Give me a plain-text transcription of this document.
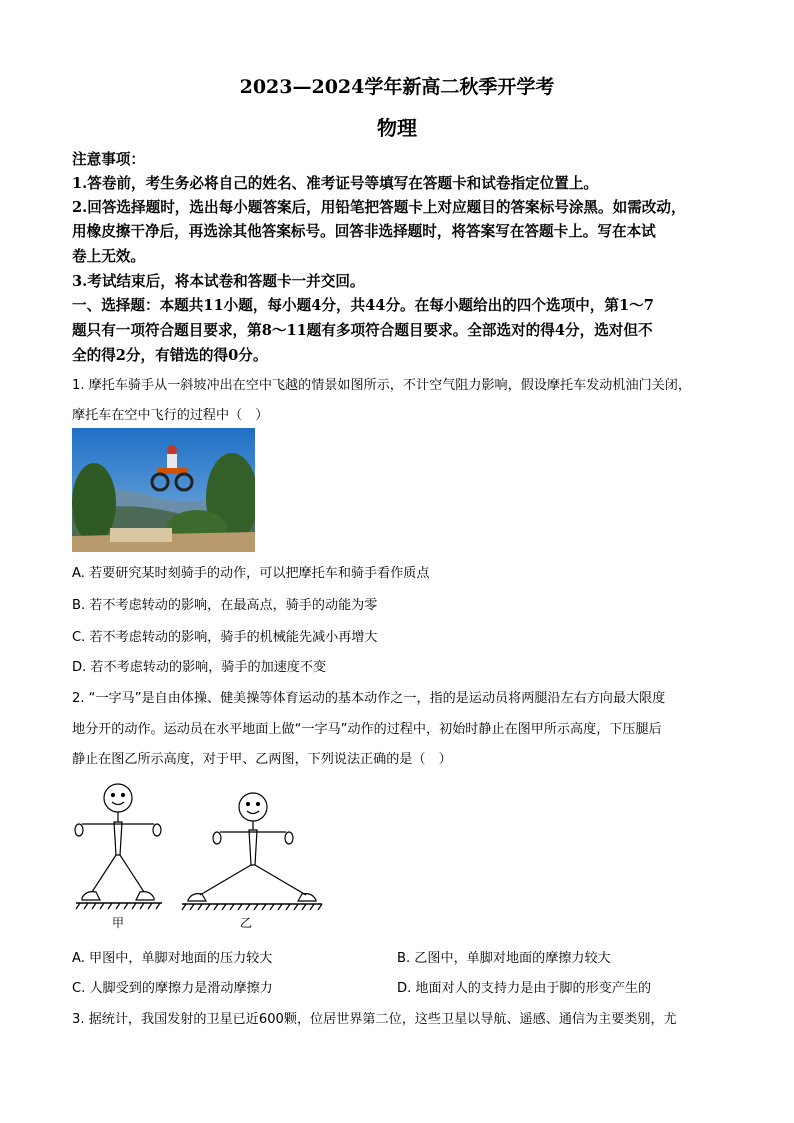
2023—2024学年新高二秋季开学考
物理
注意事项：
1.答卷前，考生务必将自己的姓名、准考证号等填写在答题卡和试卷指定位置上。
2.回答选择题时，选出每小题答案后，用铅笔把答题卡上对应题目的答案标号涂黑。如需改动，
用橡皮擦干净后，再选涂其他答案标号。回答非选择题时，将答案写在答题卡上。写在本试
卷上无效。
3.考试结束后，将本试卷和答题卡一并交回。
一、选择题：本题共11小题，每小题4分，共44分。在每小题给出的四个选项中，第1～7
题只有一项符合题目要求，第8～11题有多项符合题目要求。全部选对的得4分，选对但不
全的得2分，有错选的得0分。
1. 摩托车骑手从一斜坡冲出在空中飞越的情景如图所示，不计空气阻力影响，假设摩托车发动机油门关闭，
摩托车在空中飞行的过程中（　）
A. 若要研究某时刻骑手的动作，可以把摩托车和骑手看作质点
B. 若不考虑转动的影响，在最高点，骑手的动能为零
C. 若不考虑转动的影响，骑手的机械能先减小再增大
D. 若不考虑转动的影响，骑手的加速度不变
2. “一字马”是自由体操、健美操等体育运动的基本动作之一，指的是运动员将两腿沿左右方向最大限度
地分开的动作。运动员在水平地面上做“一字马”动作的过程中，初始时静止在图甲所示高度，下压腿后
静止在图乙所示高度，对于甲、乙两图，下列说法正确的是（　）
甲	乙
A. 甲图中，单脚对地面的压力较大	B. 乙图中，单脚对地面的摩擦力较大
C. 人脚受到的摩擦力是滑动摩擦力	D. 地面对人的支持力是由于脚的形变产生的
3. 据统计，我国发射的卫星已近600颗，位居世界第二位，这些卫星以导航、遥感、通信为主要类别，尤
